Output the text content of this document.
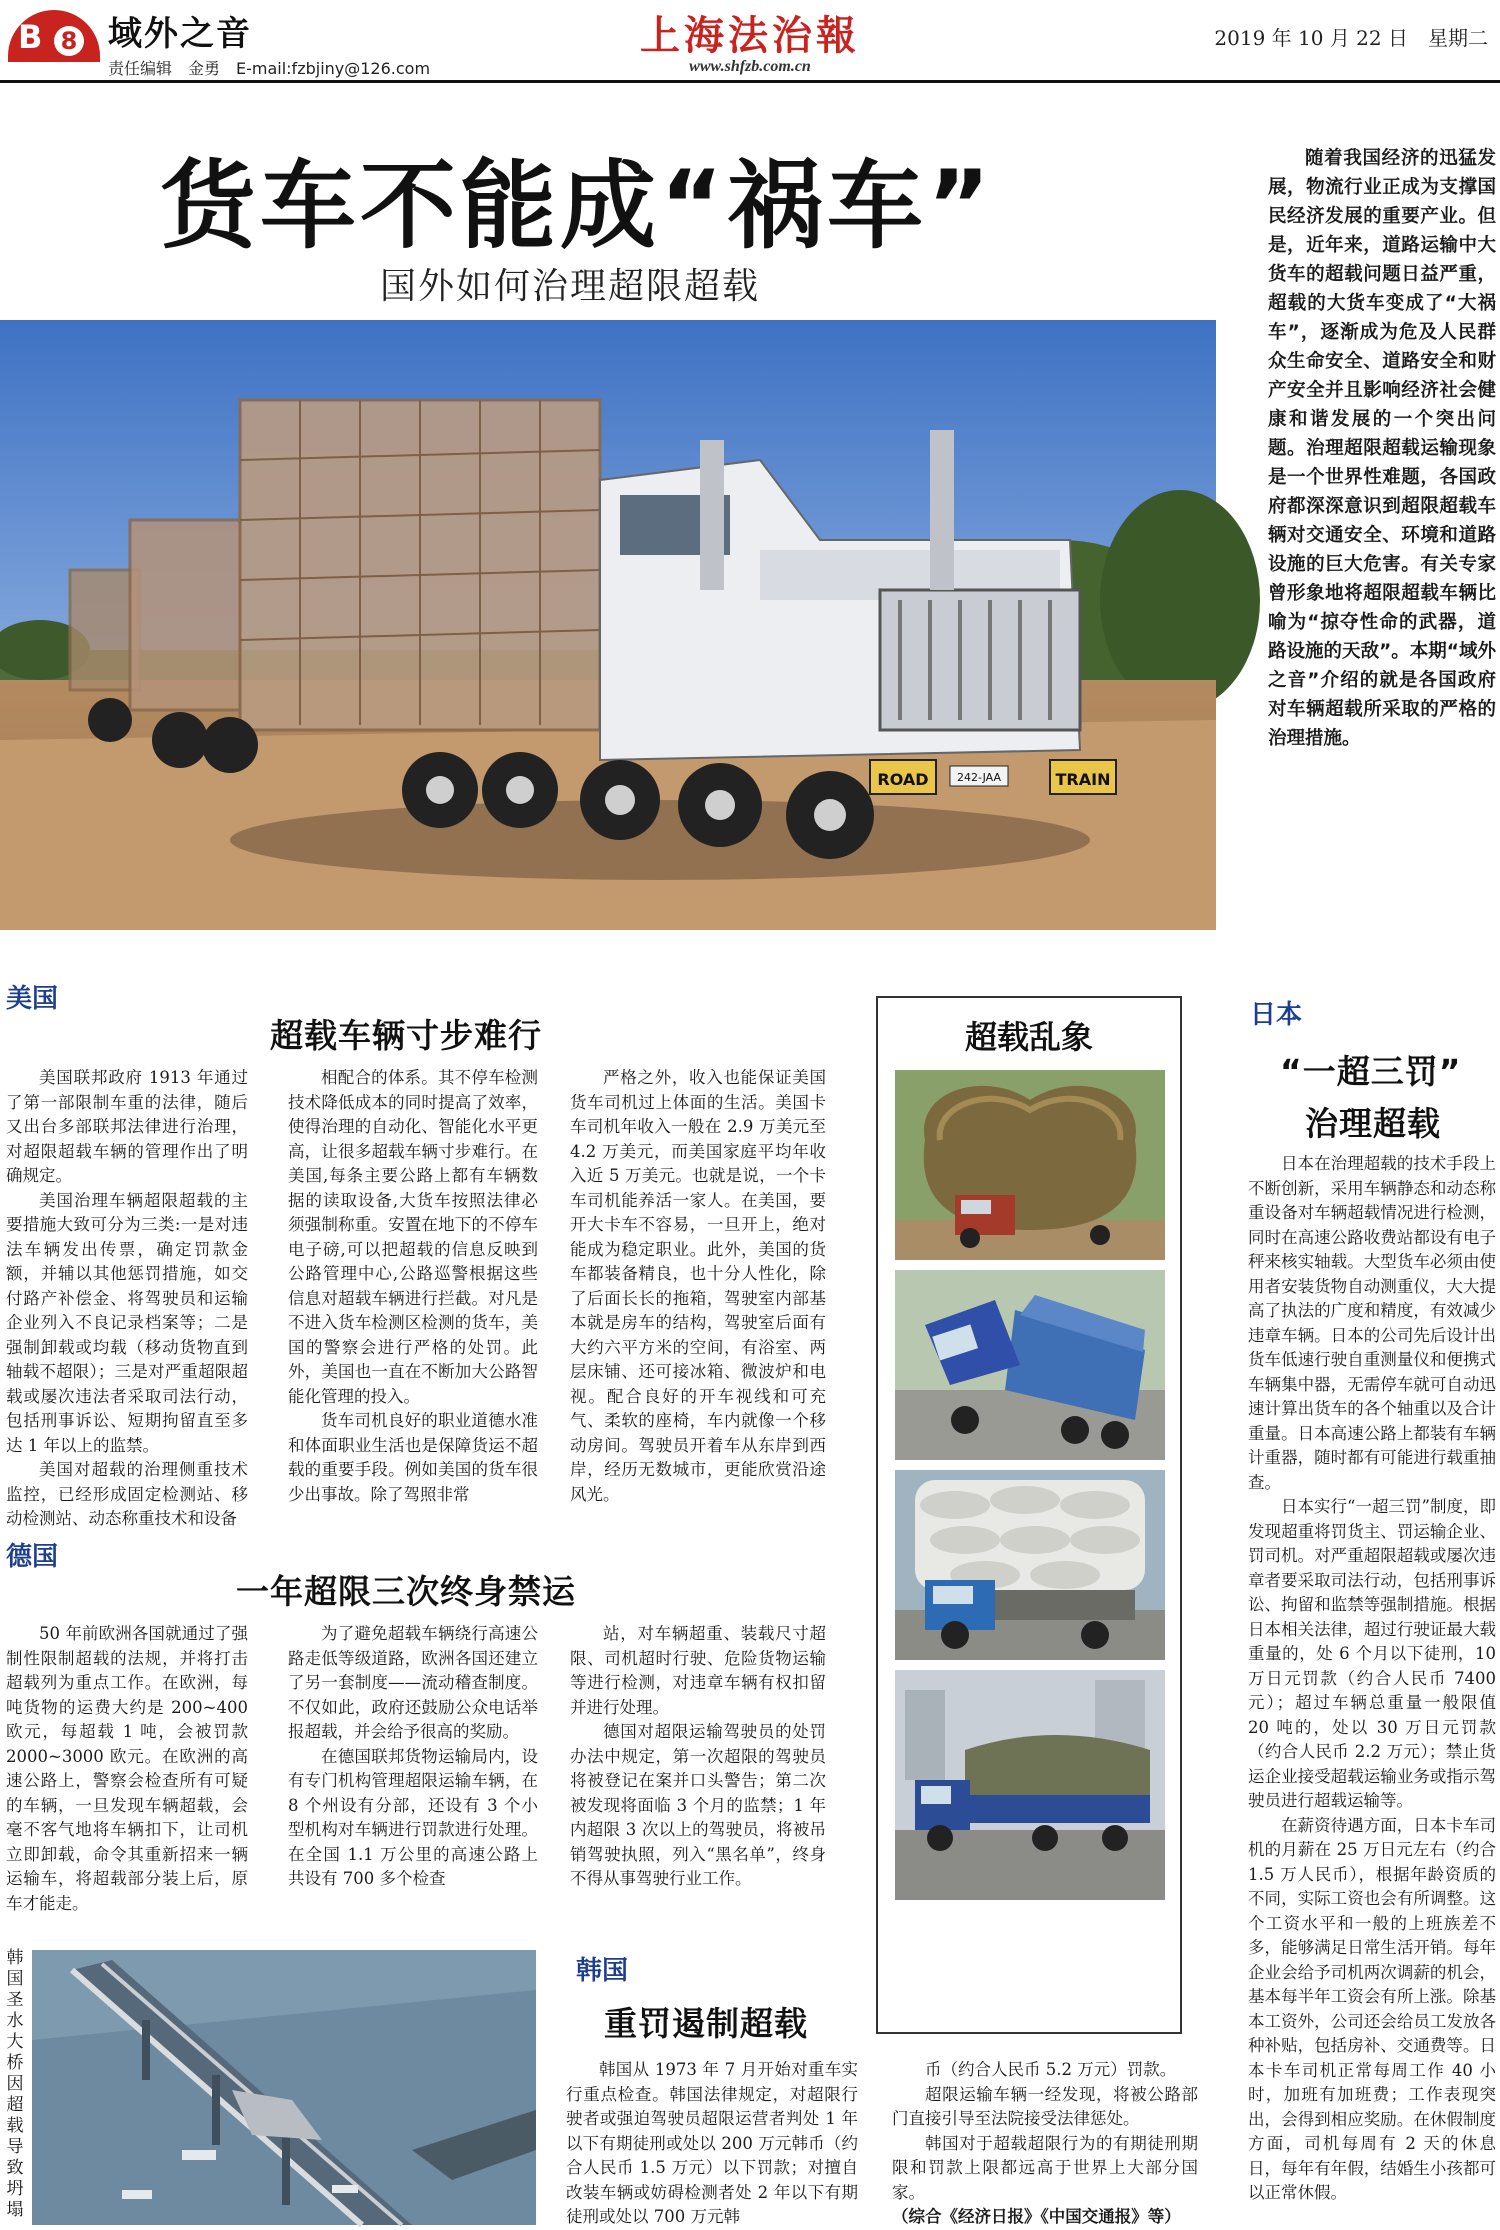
B 8 域外之音
责任编辑　金勇　E-mail:fzbjiny@126.com
上海法治報
www.shfzb.com.cn
2019 年 10 月 22 日　星期二
货车不能成“祸车”
国外如何治理超限超载
随着我国经济的迅猛发展，物流行业正成为支撑国民经济发展的重要产业。但是，近年来，道路运输中大货车的超载问题日益严重，超载的大货车变成了“大祸车”，逐渐成为危及人民群众生命安全、道路安全和财产安全并且影响经济社会健康和谐发展的一个突出问题。治理超限超载运输现象是一个世界性难题，各国政府都深深意识到超限超载车辆对交通安全、环境和道路设施的巨大危害。有关专家曾形象地将超限超载车辆比喻为“掠夺性命的武器，道路设施的天敌”。本期“域外之音”介绍的就是各国政府对车辆超载所采取的严格的治理措施。
ROAD	TRAIN
242-JAA
美国
超载车辆寸步难行

美国联邦政府 1913 年通过了第一部限制车重的法律，随后又出台多部联邦法律进行治理，对超限超载车辆的管理作出了明确规定。

美国治理车辆超限超载的主要措施大致可分为三类:一是对违法车辆发出传票，确定罚款金额，并辅以其他惩罚措施，如交付路产补偿金、将驾驶员和运输企业列入不良记录档案等；二是强制卸载或均载（移动货物直到轴载不超限）；三是对严重超限超载或屡次违法者采取司法行动，包括刑事诉讼、短期拘留直至多达 1 年以上的监禁。

美国对超载的治理侧重技术监控，已经形成固定检测站、移动检测站、动态称重技术和设备

相配合的体系。其不停车检测技术降低成本的同时提高了效率，使得治理的自动化、智能化水平更高，让很多超载车辆寸步难行。在美国,每条主要公路上都有车辆数据的读取设备,大货车按照法律必须强制称重。安置在地下的不停车电子磅,可以把超载的信息反映到公路管理中心,公路巡警根据这些信息对超载车辆进行拦截。对凡是不进入货车检测区检测的货车，美国的警察会进行严格的处罚。此外，美国也一直在不断加大公路智能化管理的投入。

货车司机良好的职业道德水准和体面职业生活也是保障货运不超载的重要手段。例如美国的货车很少出事故。除了驾照非常

严格之外，收入也能保证美国货车司机过上体面的生活。美国卡车司机年收入一般在 2.9 万美元至 4.2 万美元，而美国家庭平均年收入近 5 万美元。也就是说，一个卡车司机能养活一家人。在美国，要开大卡车不容易，一旦开上，绝对能成为稳定职业。此外，美国的货车都装备精良，也十分人性化，除了后面长长的拖箱，驾驶室内部基本就是房车的结构，驾驶室后面有大约六平方米的空间，有浴室、两层床铺、还可接冰箱、微波炉和电视。配合良好的开车视线和可充气、柔软的座椅，车内就像一个移动房间。驾驶员开着车从东岸到西岸，经历无数城市，更能欣赏沿途风光。

德国
一年超限三次终身禁运

50 年前欧洲各国就通过了强制性限制超载的法规，并将打击超载列为重点工作。在欧洲，每吨货物的运费大约是 200~400 欧元，每超载 1 吨，会被罚款 2000~3000 欧元。在欧洲的高速公路上，警察会检查所有可疑的车辆，一旦发现车辆超载，会毫不客气地将车辆扣下，让司机立即卸载，命令其重新招来一辆运输车，将超载部分装上后，原车才能走。

为了避免超载车辆绕行高速公路走低等级道路，欧洲各国还建立了另一套制度——流动稽查制度。不仅如此，政府还鼓励公众电话举报超载，并会给予很高的奖励。

在德国联邦货物运输局内，设有专门机构管理超限运输车辆，在 8 个州设有分部，还设有 3 个小型机构对车辆进行罚款进行处理。在全国 1.1 万公里的高速公路上共设有 700 多个检查

站，对车辆超重、装载尺寸超限、司机超时行驶、危险货物运输等进行检测，对违章车辆有权扣留并进行处理。

德国对超限运输驾驶员的处罚办法中规定，第一次超限的驾驶员将被登记在案并口头警告；第二次被发现将面临 3 个月的监禁；1 年内超限 3 次以上的驾驶员，将被吊销驾驶执照，列入“黑名单”，终身不得从事驾驶行业工作。

超载乱象
日本
“一超三罚”
治理超载

日本在治理超载的技术手段上不断创新，采用车辆静态和动态称重设备对车辆超载情况进行检测，同时在高速公路收费站都设有电子秤来核实轴载。大型货车必须由使用者安装货物自动测重仪，大大提高了执法的广度和精度，有效减少违章车辆。日本的公司先后设计出货车低速行驶自重测量仪和便携式车辆集中器，无需停车就可自动迅速计算出货车的各个轴重以及合计重量。日本高速公路上都装有车辆计重器，随时都有可能进行载重抽查。

日本实行“一超三罚”制度，即发现超重将罚货主、罚运输企业、罚司机。对严重超限超载或屡次违章者要采取司法行动，包括刑事诉讼、拘留和监禁等强制措施。根据日本相关法律，超过行驶证最大载重量的，处 6 个月以下徒刑，10 万日元罚款（约合人民币 7400 元）；超过车辆总重量一般限值 20 吨的，处以 30 万日元罚款（约合人民币 2.2 万元）；禁止货运企业接受超载运输业务或指示驾驶员进行超载运输等。

在薪资待遇方面，日本卡车司机的月薪在 25 万日元左右（约合 1.5 万人民币），根据年龄资质的不同，实际工资也会有所调整。这个工资水平和一般的上班族差不多，能够满足日常生活开销。每年企业会给予司机两次调薪的机会，基本每半年工资会有所上涨。除基本工资外，公司还会给员工发放各种补贴，包括房补、交通费等。日本卡车司机正常每周工作 40 小时，加班有加班费；工作表现突出，会得到相应奖励。在休假制度方面，司机每周有 2 天的休息日，每年有年假，结婚生小孩都可以正常休假。

韩国圣水大桥因超载导致坍塌
韩国
重罚遏制超载

韩国从 1973 年 7 月开始对重车实行重点检查。韩国法律规定，对超限行驶者或强迫驾驶员超限运营者判处 1 年以下有期徒刑或处以 200 万元韩币（约合人民币 1.5 万元）以下罚款；对擅自改装车辆或妨碍检测者处 2 年以下有期徒刑或处以 700 万元韩

币（约合人民币 5.2 万元）罚款。

超限运输车辆一经发现，将被公路部门直接引导至法院接受法律惩处。

韩国对于超载超限行为的有期徒刑期限和罚款上限都远高于世界上大部分国家。

（综合《经济日报》《中国交通报》等）
